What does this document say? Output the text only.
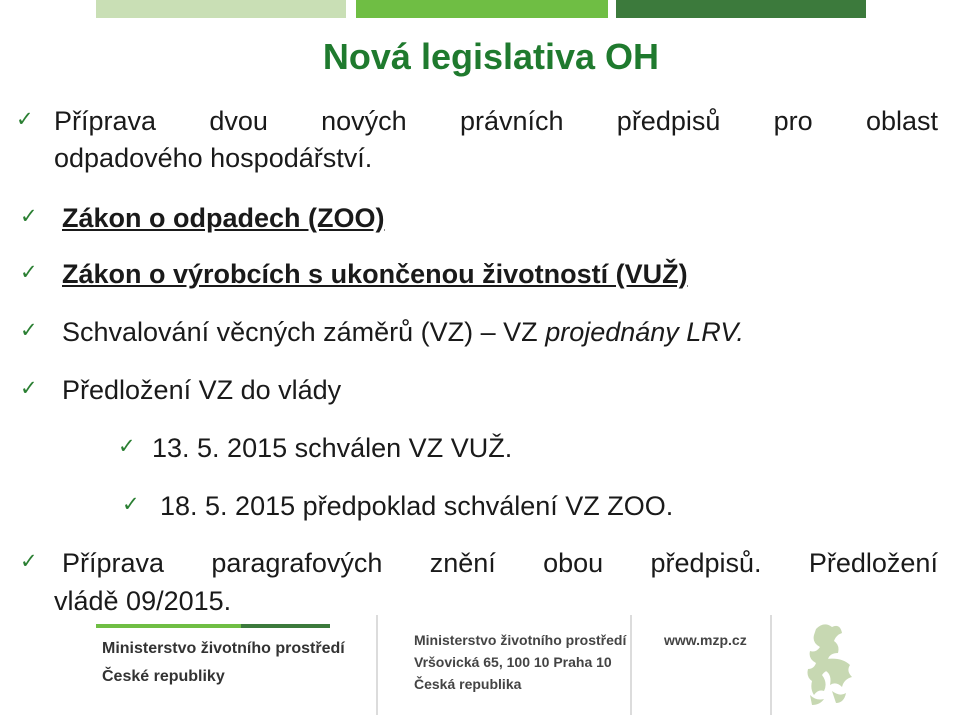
Nová legislativa OH
✓ Příprava dvou nových právních předpisů pro oblast
odpadového hospodářství.
✓ Zákon o odpadech (ZOO)
✓ Zákon o výrobcích s ukončenou životností (VUŽ)
✓ Schvalování věcných záměrů (VZ) – VZ projednány LRV.
✓ Předložení VZ do vlády
✓ 13. 5. 2015 schválen VZ VUŽ.
✓ 18. 5. 2015 předpoklad schválení VZ ZOO.
✓ Příprava paragrafových znění obou předpisů. Předložení
vládě 09/2015.
Ministerstvo životního prostředí
České republiky
Ministerstvo životního prostředí
Vršovická 65, 100 10 Praha 10
Česká republika
www.mzp.cz
